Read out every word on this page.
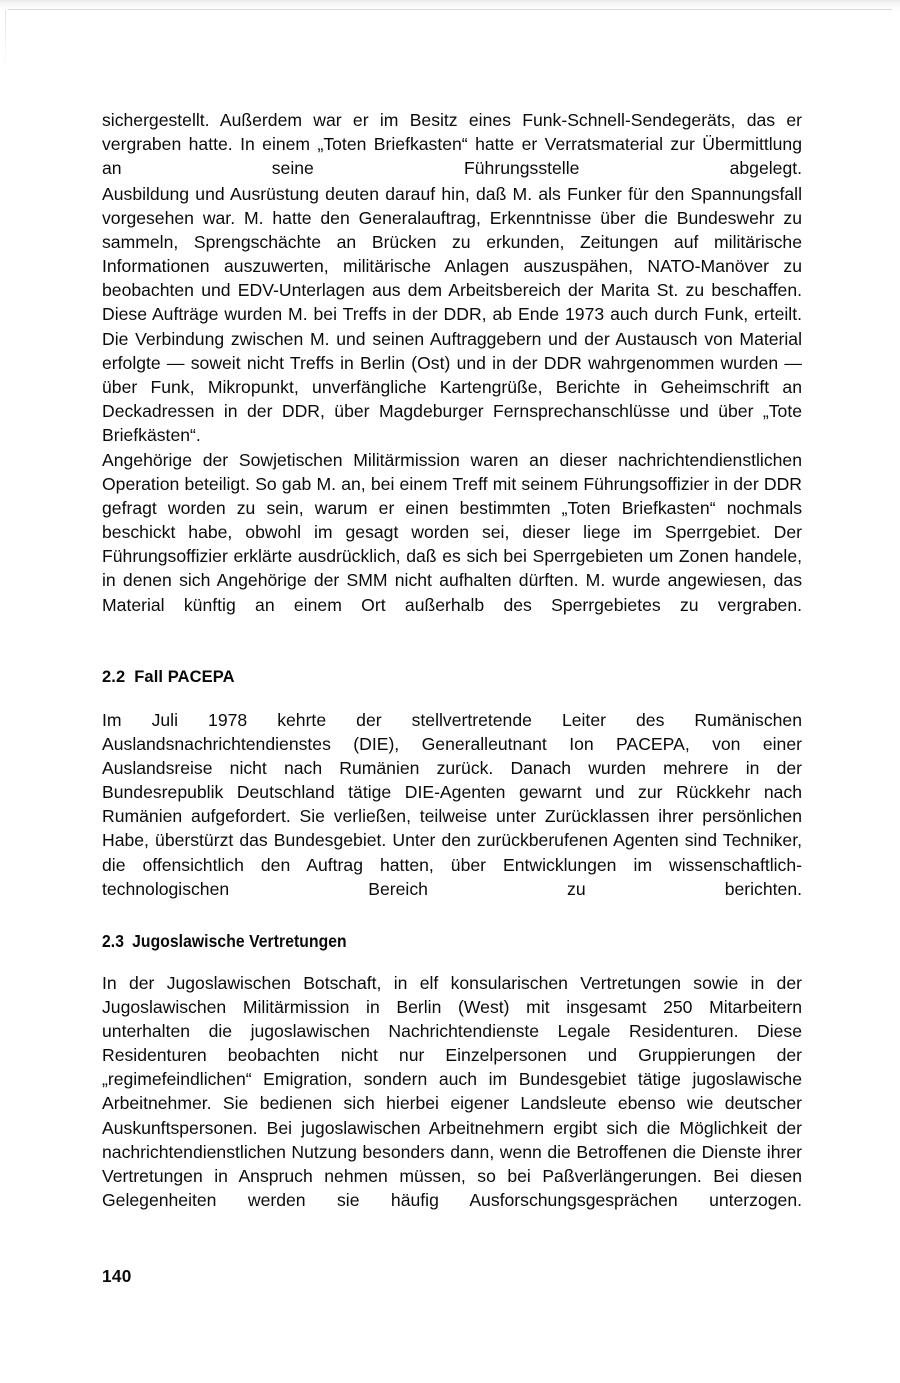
sichergestellt. Außerdem war er im Besitz eines Funk-Schnell-Sendegeräts, das er vergraben hatte. In einem „Toten Briefkasten“ hatte er Verratsmaterial zur Übermittlung an seine Führungsstelle abgelegt.

Ausbildung und Ausrüstung deuten darauf hin, daß M. als Funker für den Spannungsfall vorgesehen war. M. hatte den Generalauftrag, Erkenntnisse über die Bundeswehr zu sammeln, Sprengschächte an Brücken zu erkunden, Zeitungen auf militärische Informationen auszuwerten, militärische Anlagen auszuspähen, NATO-Manöver zu beobachten und EDV-Unterlagen aus dem Arbeitsbereich der Marita St. zu beschaffen. Diese Aufträge wurden M. bei Treffs in der DDR, ab Ende 1973 auch durch Funk, erteilt. Die Verbindung zwischen M. und seinen Auftraggebern und der Austausch von Material erfolgte — soweit nicht Treffs in Berlin (Ost) und in der DDR wahrgenommen wurden — über Funk, Mikropunkt, unverfängliche Kartengrüße, Berichte in Geheimschrift an Deckadressen in der DDR, über Magdeburger Fernsprechanschlüsse und über „Tote Briefkästen“.

Angehörige der Sowjetischen Militärmission waren an dieser nachrichtendienstlichen Operation beteiligt. So gab M. an, bei einem Treff mit seinem Führungsoffizier in der DDR gefragt worden zu sein, warum er einen bestimmten „Toten Briefkasten“ nochmals beschickt habe, obwohl im gesagt worden sei, dieser liege im Sperrgebiet. Der Führungsoffizier erklärte ausdrücklich, daß es sich bei Sperrgebieten um Zonen handele, in denen sich Angehörige der SMM nicht aufhalten dürften. M. wurde angewiesen, das Material künftig an einem Ort außerhalb des Sperrgebietes zu vergraben.

2.2 Fall PACEPA

Im Juli 1978 kehrte der stellvertretende Leiter des Rumänischen Auslandsnachrichtendienstes (DIE), Generalleutnant Ion PACEPA, von einer Auslandsreise nicht nach Rumänien zurück. Danach wurden mehrere in der Bundesrepublik Deutschland tätige DIE-Agenten gewarnt und zur Rückkehr nach Rumänien aufgefordert. Sie verließen, teilweise unter Zurücklassen ihrer persönlichen Habe, überstürzt das Bundesgebiet. Unter den zurückberufenen Agenten sind Techniker, die offensichtlich den Auftrag hatten, über Entwicklungen im wissenschaftlich-technologischen Bereich zu berichten.

2.3 Jugoslawische Vertretungen

In der Jugoslawischen Botschaft, in elf konsularischen Vertretungen sowie in der Jugoslawischen Militärmission in Berlin (West) mit insgesamt 250 Mitarbeitern unterhalten die jugoslawischen Nachrichtendienste Legale Residenturen. Diese Residenturen beobachten nicht nur Einzelpersonen und Gruppierungen der „regimefeindlichen“ Emigration, sondern auch im Bundesgebiet tätige jugoslawische Arbeitnehmer. Sie bedienen sich hierbei eigener Landsleute ebenso wie deutscher Auskunftspersonen. Bei jugoslawischen Arbeitnehmern ergibt sich die Möglichkeit der nachrichtendienstlichen Nutzung besonders dann, wenn die Betroffenen die Dienste ihrer Vertretungen in Anspruch nehmen müssen, so bei Paßverlängerungen. Bei diesen Gelegenheiten werden sie häufig Ausforschungsgesprächen unterzogen.

140
